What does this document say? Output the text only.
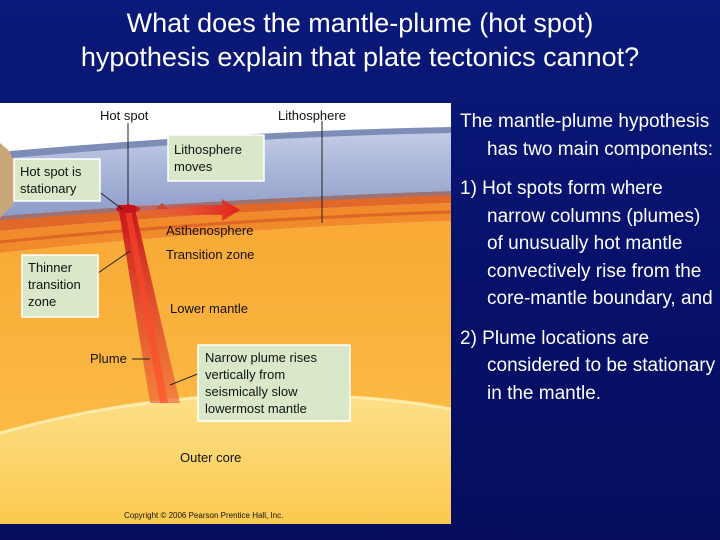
What does the mantle-plume (hot spot)
hypothesis explain that plate tectonics cannot?
Lithosphere
moves
Hot spot is
stationary
Thinner
transition
zone
Narrow plume rises
vertically from
seismically slow
lowermost mantle
Hot spot	Lithosphere
Asthenosphere
Transition zone
Lower mantle
Plume
Outer core
Copyright © 2006 Pearson Prentice Hall, Inc.

The mantle-plume hypothesis has two main components:

1) Hot spots form where narrow columns (plumes) of unusually hot mantle convectively rise from the core-mantle boundary, and

2) Plume locations are considered to be stationary in the mantle.
